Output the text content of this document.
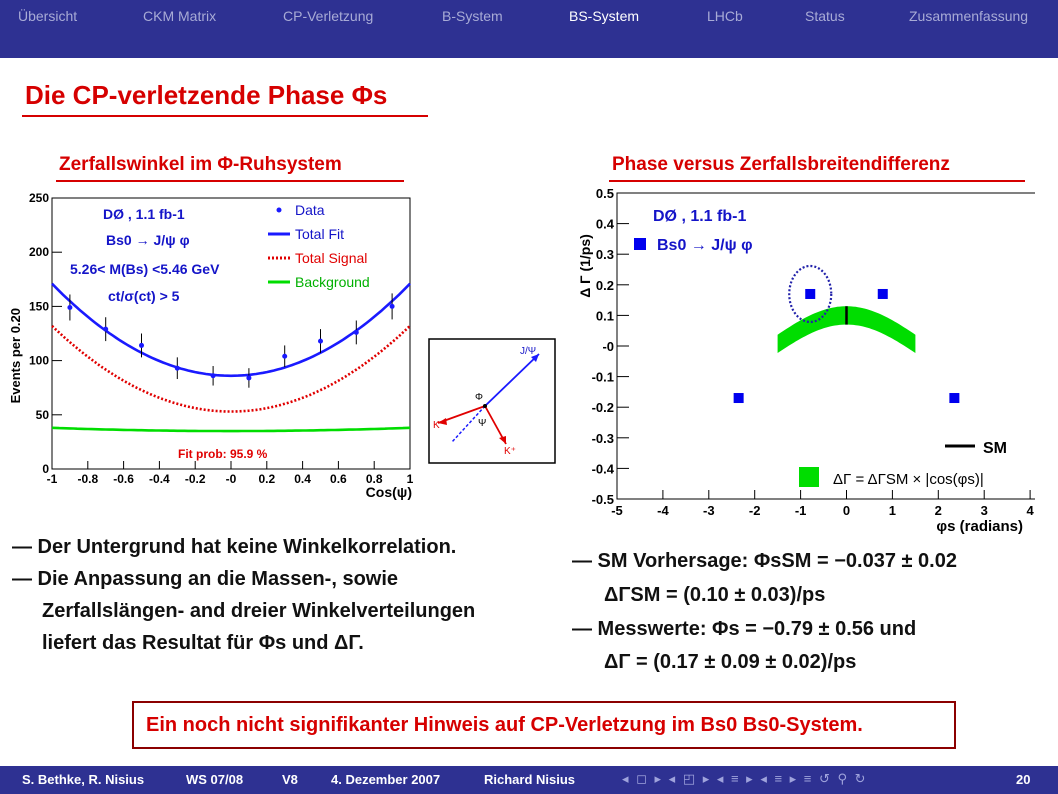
Übersicht	CKM Matrix	CP-Verletzung	B-System	BS-System	LHCb	Status	Zusammenfassung
Die CP-verletzende Phase Φs
Zerfallswinkel im Φ-Ruhsystem	Phase versus Zerfallsbreitendifferenz
-1 -0.8 -0.6 -0.4 -0.2 -0 0.2 0.4 0.6 0.8 1
0
50
100
150
200
250
Events per 0.20
Cos(ψ)
DØ , 1.1 fb-1
Bs0 → J/ψ φ
5.26< M(Bs) <5.46 GeV
ct/σ(ct) > 5
Data
Total Fit
Total Signal
Background
Fit prob: 95.9 %
J/Ψ
Φ
Ψ
K⁻
K⁺
-5	-4	-3	-2	-1	0	1	2	3	4
-0.5
-0.4
-0.3
-0.2
-0.1
-0
0.1
0.2
0.3
0.4
0.5
Δ Γ (1/ps)
φs (radians)
DØ , 1.1 fb-1
Bs0 → J/ψ φ
SM
ΔΓ = ΔΓSM × |cos(φs)|
— Der Untergrund hat keine Winkelkorrelation.
— Die Anpassung an die Massen-, sowie
Zerfallslängen- and dreier Winkelverteilungen
liefert das Resultat für Φs und ΔΓ.
— SM Vorhersage: ΦsSM = −0.037 ± 0.02
ΔΓSM = (0.10 ± 0.03)/ps
— Messwerte: Φs = −0.79 ± 0.56 und
ΔΓ = (0.17 ± 0.09 ± 0.02)/ps
Ein noch nicht signifikanter Hinweis auf CP-Verletzung im Bs0 Bs0-System.
S. Bethke, R. Nisius	WS 07/08	V8	4. Dezember 2007	Richard Nisius	◂ ◻ ▸ ◂ ◰ ▸ ◂ ≡ ▸ ◂ ≡ ▸ ≡ ↺ ⚲ ↻	20
